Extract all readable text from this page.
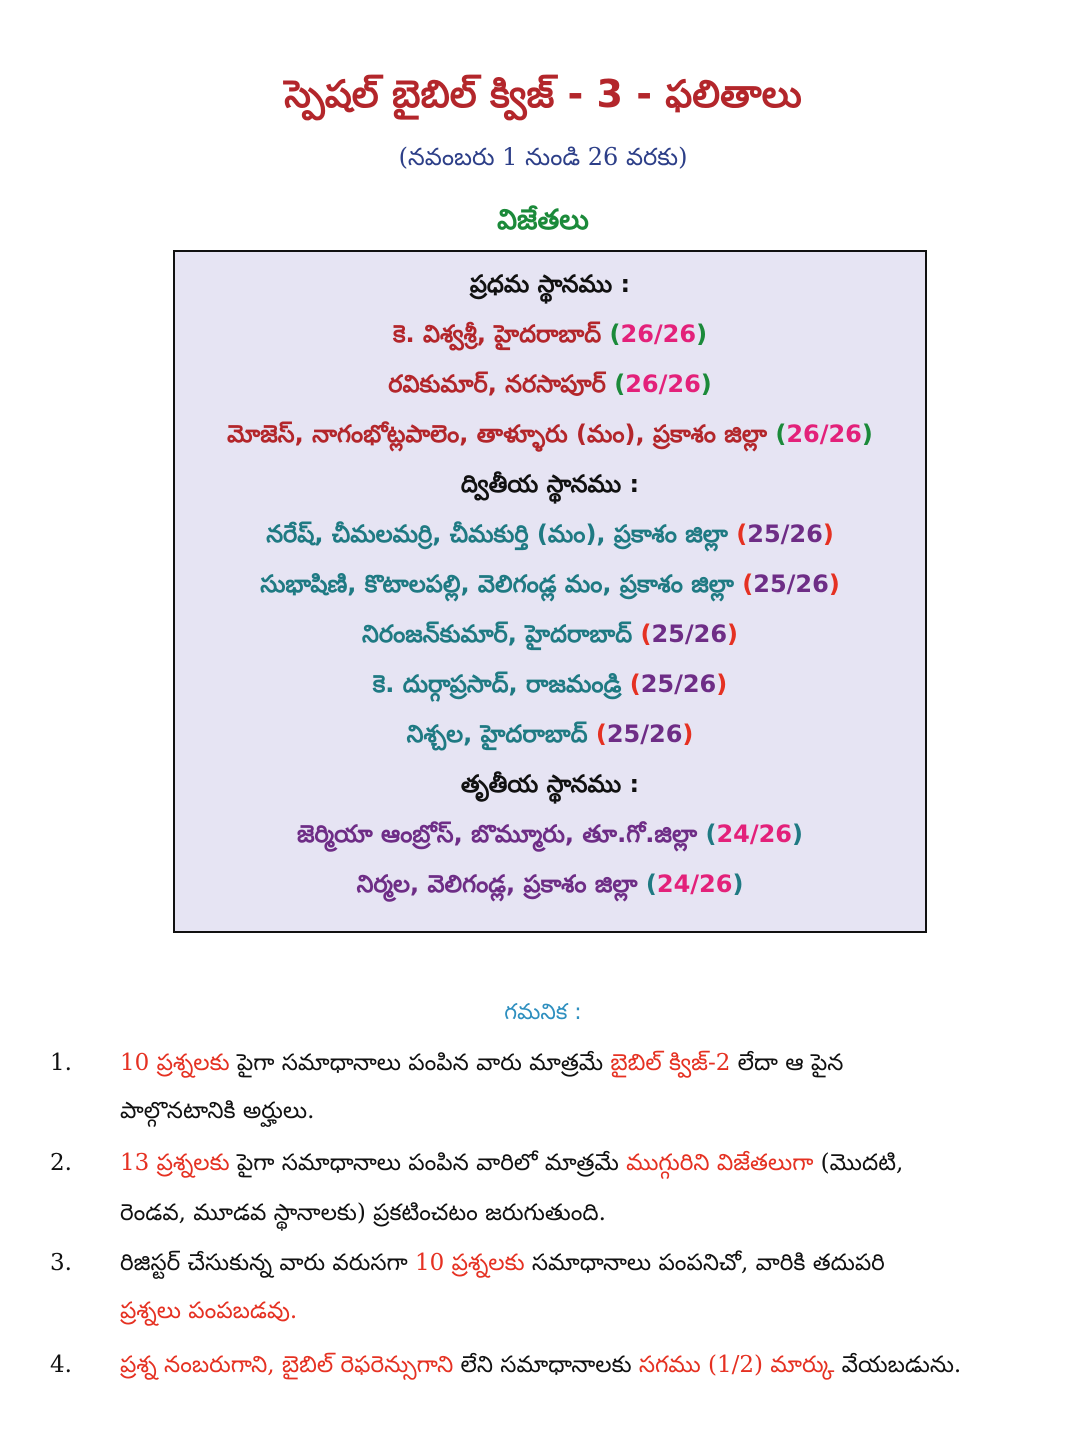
స్పెషల్ బైబిల్ క్విజ్ - 3 - ఫలితాలు
(నవంబరు 1 నుండి 26 వరకు)
విజేతలు
ప్రధమ స్థానము :
కె. విశ్వశ్రీ, హైదరాబాద్ (26/26)
రవికుమార్, నరసాపూర్ (26/26)
మోజెస్, నాగంభోట్లపాలెం, తాళ్ళూరు (మం), ప్రకాశం జిల్లా (26/26)
ద్వితీయ స్థానము :
నరేష్, చీమలమర్రి, చీమకుర్తి (మం), ప్రకాశం జిల్లా (25/26)
సుభాషిణి, కొటాలపల్లి, వెలిగండ్ల మం, ప్రకాశం జిల్లా (25/26)
నిరంజన్‌కుమార్, హైదరాబాద్ (25/26)
కె. దుర్గాప్రసాద్, రాజమండ్రి (25/26)
నిశ్చల, హైదరాబాద్ (25/26)
తృతీయ స్థానము :
జెర్మియా ఆంబ్రోస్, బొమ్మూరు, తూ.గో.జిల్లా (24/26)
నిర్మల, వెలిగండ్ల, ప్రకాశం జిల్లా (24/26)
గమనిక :
1. 10 ప్రశ్నలకు పైగా సమాధానాలు పంపిన వారు మాత్రమే బైబిల్ క్విజ్-2 లేదా ఆ పైన
పాల్గొనటానికి అర్హులు.
2. 13 ప్రశ్నలకు పైగా సమాధానాలు పంపిన వారిలో మాత్రమే ముగ్గురిని విజేతలుగా (మొదటి,
రెండవ, మూడవ స్థానాలకు) ప్రకటించటం జరుగుతుంది.
3. రిజిస్టర్ చేసుకున్న వారు వరుసగా 10 ప్రశ్నలకు సమాధానాలు పంపనిచో, వారికి తదుపరి
ప్రశ్నలు పంపబడవు.
4. ప్రశ్న నంబరుగాని, బైబిల్ రెఫరెన్సుగాని లేని సమాధానాలకు సగము (1/2) మార్కు వేయబడును.
